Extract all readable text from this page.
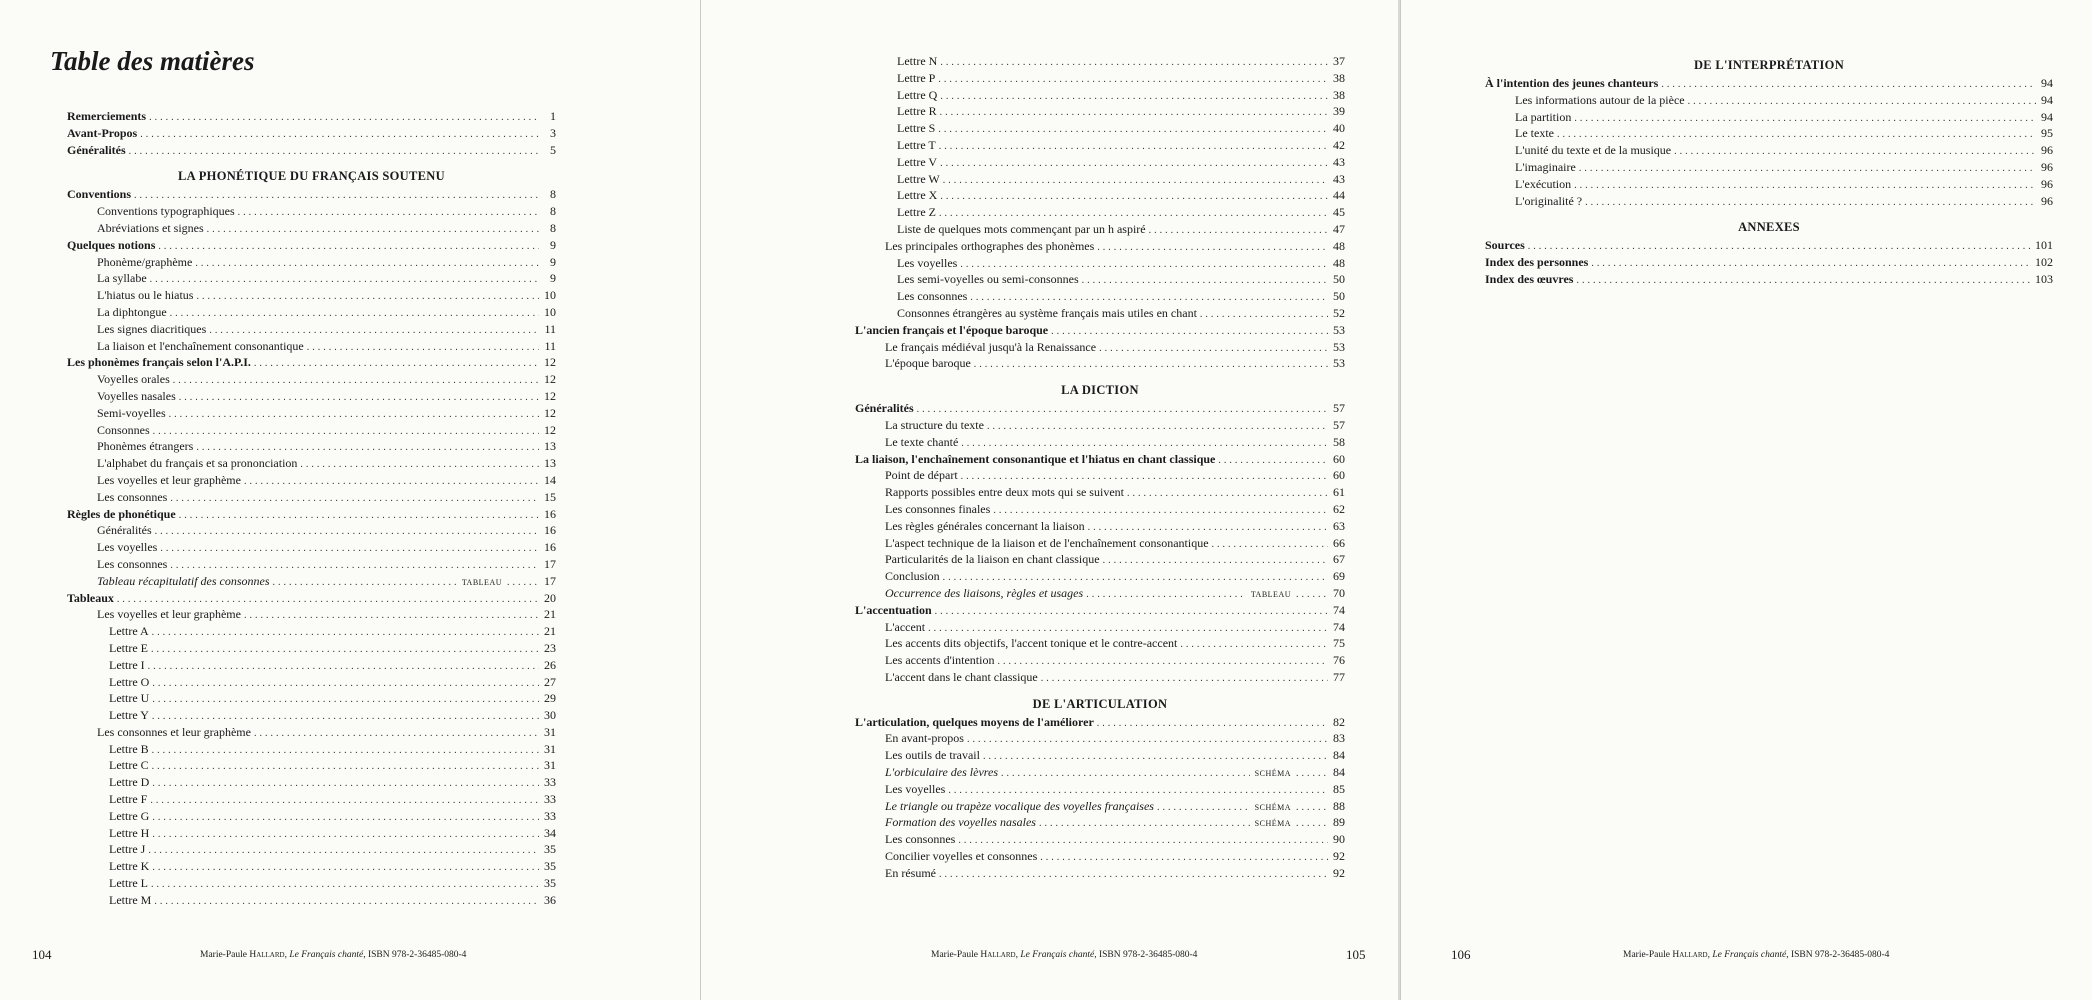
Table des matières
Remerciements .....	1
Avant-Propos .....	3
Généralités .....	5
LA PHONÉTIQUE DU FRANÇAIS SOUTENU
Conventions .....	8
Conventions typographiques .....	8
Abréviations et signes .....	8
Quelques notions .....	9
Phonème/graphème .....	9
La syllabe .....	9
L'hiatus ou le hiatus .....	10
La diphtongue .....	10
Les signes diacritiques .....	11
La liaison et l'enchaînement consonantique .....	11
Les phonèmes français selon l'A.P.I. .....	12
Voyelles orales .....	12
Voyelles nasales .....	12
Semi-voyelles .....	12
Consonnes .....	12
Phonèmes étrangers .....	13
L'alphabet du français et sa prononciation .....	13
Les voyelles et leur graphème .....	14
Les consonnes .....	15
Règles de phonétique .....	16
Généralités .....	16
Les voyelles .....	16
Les consonnes .....	17
Tableau récapitulatif des consonnes .....	TABLEAU .....	17
Tableaux .....	20
Les voyelles et leur graphème .....	21
Lettre A .....	21
Lettre E .....	23
Lettre I .....	26
Lettre O .....	27
Lettre U .....	29
Lettre Y .....	30
Les consonnes et leur graphème .....	31
Lettre B .....	31
Lettre C .....	31
Lettre D .....	33
Lettre F .....	33
Lettre G .....	33
Lettre H .....	34
Lettre J .....	35
Lettre K .....	35
Lettre L .....	35
Lettre M .....	36
104	Marie-Paule Hallard, Le Français chanté, ISBN 978-2-36485-080-4
Lettre N .....	37
Lettre P .....	38
Lettre Q .....	38
Lettre R .....	39
Lettre S .....	40
Lettre T .....	42
Lettre V .....	43
Lettre W .....	43
Lettre X .....	44
Lettre Z .....	45
Liste de quelques mots commençant par un h aspiré .....	47
Les principales orthographes des phonèmes .....	48
Les voyelles .....	48
Les semi-voyelles ou semi-consonnes .....	50
Les consonnes .....	50
Consonnes étrangères au système français mais utiles en chant .....	52
L'ancien français et l'époque baroque .....	53
Le français médiéval jusqu'à la Renaissance .....	53
L'époque baroque .....	53
LA DICTION
Généralités .....	57
La structure du texte .....	57
Le texte chanté .....	58
La liaison, l'enchaînement consonantique et l'hiatus en chant classique .....	60
Point de départ .....	60
Rapports possibles entre deux mots qui se suivent .....	61
Les consonnes finales .....	62
Les règles générales concernant la liaison .....	63
L'aspect technique de la liaison et de l'enchaînement consonantique .....	66
Particularités de la liaison en chant classique .....	67
Conclusion .....	69
Occurrence des liaisons, règles et usages .....	TABLEAU .....	70
L'accentuation .....	74
L'accent .....	74
Les accents dits objectifs, l'accent tonique et le contre-accent .....	75
Les accents d'intention .....	76
L'accent dans le chant classique .....	77
DE L'ARTICULATION
L'articulation, quelques moyens de l'améliorer .....	82
En avant-propos .....	83
Les outils de travail .....	84
L'orbiculaire des lèvres .....	SCHÉMA .....	84
Les voyelles .....	85
Le triangle ou trapèze vocalique des voyelles françaises .....	SCHÉMA .....	88
Formation des voyelles nasales .....	SCHÉMA .....	89
Les consonnes .....	90
Concilier voyelles et consonnes .....	92
En résumé .....	92
Marie-Paule Hallard, Le Français chanté, ISBN 978-2-36485-080-4	105
DE L'INTERPRÉTATION
À l'intention des jeunes chanteurs .....	94
Les informations autour de la pièce .....	94
La partition .....	94
Le texte .....	95
L'unité du texte et de la musique .....	96
L'imaginaire .....	96
L'exécution .....	96
L'originalité ? .....	96
ANNEXES
Sources .....	101
Index des personnes .....	102
Index des œuvres .....	103
106	Marie-Paule Hallard, Le Français chanté, ISBN 978-2-36485-080-4
